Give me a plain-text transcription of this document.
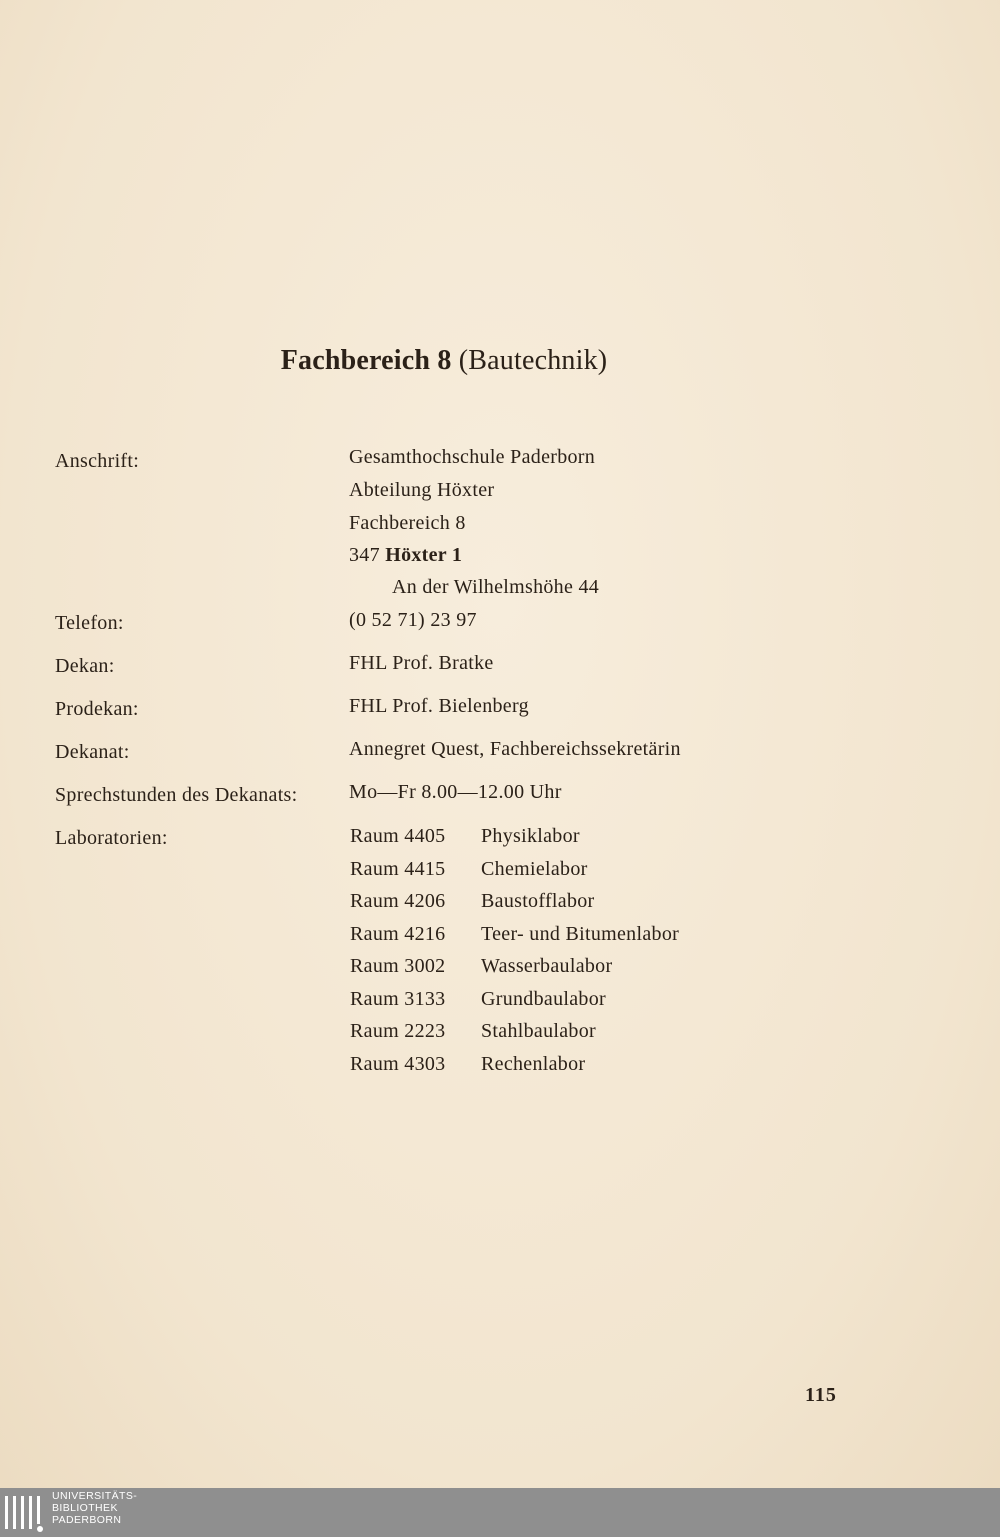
Fachbereich 8 (Bautechnik)
Anschrift:	Gesamthochschule Paderborn
Abteilung Höxter
Fachbereich 8
347 Höxter 1
An der Wilhelmshöhe 44
Telefon:	(0 52 71) 23 97
Dekan:	FHL Prof. Bratke
Prodekan:	FHL Prof. Bielenberg
Dekanat:	Annegret Quest, Fachbereichssekretärin
Sprechstunden des Dekanats:	Mo—Fr 8.00—12.00 Uhr
Laboratorien:	Raum 4405 Physiklabor
Raum 4415 Chemielabor
Raum 4206 Baustofflabor
Raum 4216 Teer- und Bitumenlabor
Raum 3002 Wasserbaulabor
Raum 3133 Grundbaulabor
Raum 2223 Stahlbaulabor
Raum 4303 Rechenlabor
115
UNIVERSITÄTS-
BIBLIOTHEK
PADERBORN
